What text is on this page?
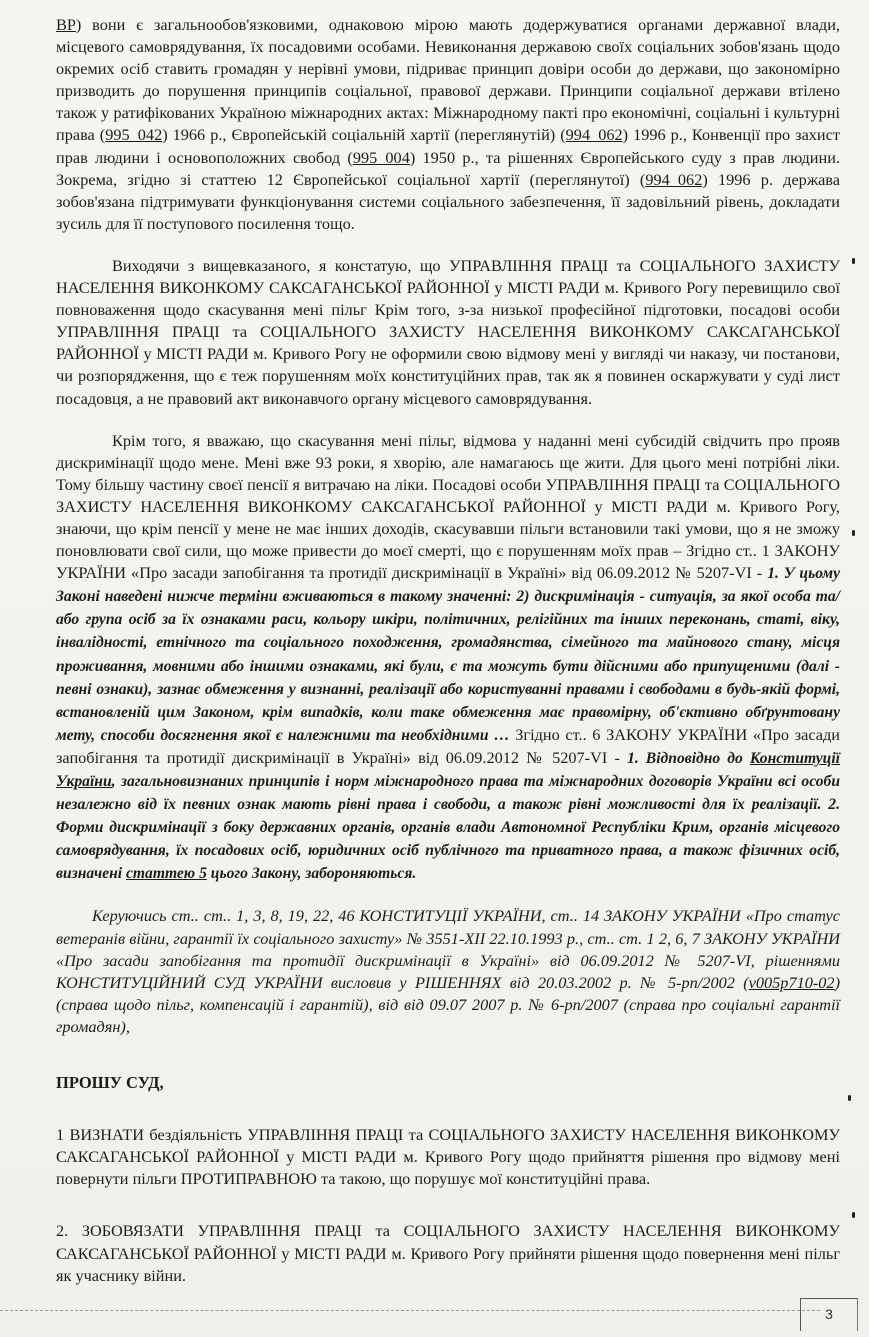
ВР) вони є загальнообов'язковими, однаковою мірою мають додержуватися органами державної влади, місцевого самоврядування, їх посадовими особами. Невиконання державою своїх соціальних зобов'язань щодо окремих осіб ставить громадян у нерівні умови, підриває принцип довіри особи до держави, що закономірно призводить до порушення принципів соціальної, правової держави. Принципи соціальної держави втілено також у ратифікованих Україною міжнародних актах: Міжнародному пакті про економічні, соціальні і культурні права (995_042) 1966 р., Європейській соціальній хартії (переглянутій) (994_062) 1996 р., Конвенції про захист прав людини і основоположних свобод (995_004) 1950 р., та рішеннях Європейського суду з прав людини. Зокрема, згідно зі статтею 12 Європейської соціальної хартії (переглянутої) (994_062) 1996 р. держава зобов'язана підтримувати функціонування системи соціального забезпечення, її задовільний рівень, докладати зусиль для її поступового посилення тощо.

Виходячи з вищевказаного, я констатую, що УПРАВЛІННЯ ПРАЦІ та СОЦІАЛЬНОГО ЗАХИСТУ НАСЕЛЕННЯ ВИКОНКОМУ САКСАГАНСЬКОЇ РАЙОННОЇ у МІСТІ РАДИ м. Кривого Рогу перевищило свої повноваження щодо скасування мені пільг Крім того, з-за низької професійної підготовки, посадові особи УПРАВЛІННЯ ПРАЦІ та СОЦІАЛЬНОГО ЗАХИСТУ НАСЕЛЕННЯ ВИКОНКОМУ САКСАГАНСЬКОЇ РАЙОННОЇ у МІСТІ РАДИ м. Кривого Рогу не оформили свою відмову мені у вигляді чи наказу, чи постанови, чи розпорядження, що є теж порушенням моїх конституційних прав, так як я повинен оскаржувати у суді лист посадовця, а не правовий акт виконавчого органу місцевого самоврядування.

Крім того, я вважаю, що скасування мені пільг, відмова у наданні мені субсидій свідчить про прояв дискримінації щодо мене. Мені вже 93 роки, я хворію, але намагаюсь ще жити. Для цього мені потрібні ліки. Тому більшу частину своєї пенсії я витрачаю на ліки. Посадові особи УПРАВЛІННЯ ПРАЦІ та СОЦІАЛЬНОГО ЗАХИСТУ НАСЕЛЕННЯ ВИКОНКОМУ САКСАГАНСЬКОЇ РАЙОННОЇ у МІСТІ РАДИ м. Кривого Рогу, знаючи, що крім пенсії у мене не має інших доходів, скасувавши пільги встановили такі умови, що я не зможу поновлювати свої сили, що може привести до моєї смерті, що є порушенням моїх прав – Згідно ст.. 1 ЗАКОНУ УКРАЇНИ «Про засади запобігання та протидії дискримінації в Україні» від 06.09.2012 № 5207-VI - 1. У цьому Законі наведені нижче терміни вживаються в такому значенні: 2) дискримінація - ситуація, за якої особа та/або група осіб за їх ознаками раси, кольору шкіри, політичних, релігійних та інших переконань, статі, віку, інвалідності, етнічного та соціального походження, громадянства, сімейного та майнового стану, місця проживання, мовними або іншими ознаками, які були, є та можуть бути дійсними або припущеними (далі - певні ознаки), зазнає обмеження у визнанні, реалізації або користуванні правами і свободами в будь-якій формі, встановленій цим Законом, крім випадків, коли таке обмеження має правомірну, об'єктивно обґрунтовану мету, способи досягнення якої є належними та необхідними … Згідно ст.. 6 ЗАКОНУ УКРАЇНИ «Про засади запобігання та протидії дискримінації в Україні» від 06.09.2012 № 5207-VI - 1. Відповідно до Конституції України, загальновизнаних принципів і норм міжнародного права та міжнародних договорів України всі особи незалежно від їх певних ознак мають рівні права і свободи, а також рівні можливості для їх реалізації. 2. Форми дискримінації з боку державних органів, органів влади Автономної Республіки Крим, органів місцевого самоврядування, їх посадових осіб, юридичних осіб публічного та приватного права, а також фізичних осіб, визначені статтею 5 цього Закону, забороняються.

Керуючись ст.. ст.. 1, 3, 8, 19, 22, 46 КОНСТИТУЦІЇ УКРАЇНИ, ст.. 14 ЗАКОНУ УКРАЇНИ «Про статус ветеранів війни, гарантії їх соціального захисту» № 3551-ХІІ 22.10.1993 р., ст.. ст. 1 2, 6, 7 ЗАКОНУ УКРАЇНИ «Про засади запобігання та протидії дискримінації в Україні» від 06.09.2012 № 5207-VI, рішеннями КОНСТИТУЦІЙНИЙ СУД УКРАЇНИ висловив у РІШЕННЯХ від 20.03.2002 р. № 5-рп/2002 (v005p710-02) (справа щодо пільг, компенсацій і гарантій), від від 09.07 2007 р. № 6-рп/2007 (справа про соціальні гарантії громадян),

ПРОШУ СУД,

1 ВИЗНАТИ бездіяльність УПРАВЛІННЯ ПРАЦІ та СОЦІАЛЬНОГО ЗАХИСТУ НАСЕЛЕННЯ ВИКОНКОМУ САКСАГАНСЬКОЇ РАЙОННОЇ у МІСТІ РАДИ м. Кривого Рогу щодо прийняття рішення про відмову мені повернути пільги ПРОТИПРАВНОЮ та такою, що порушує мої конституційні права.

2. ЗОБОВЯЗАТИ УПРАВЛІННЯ ПРАЦІ та СОЦІАЛЬНОГО ЗАХИСТУ НАСЕЛЕННЯ ВИКОНКОМУ САКСАГАНСЬКОЇ РАЙОННОЇ у МІСТІ РАДИ м. Кривого Рогу прийняти рішення щодо повернення мені пільг як учаснику війни.

3
